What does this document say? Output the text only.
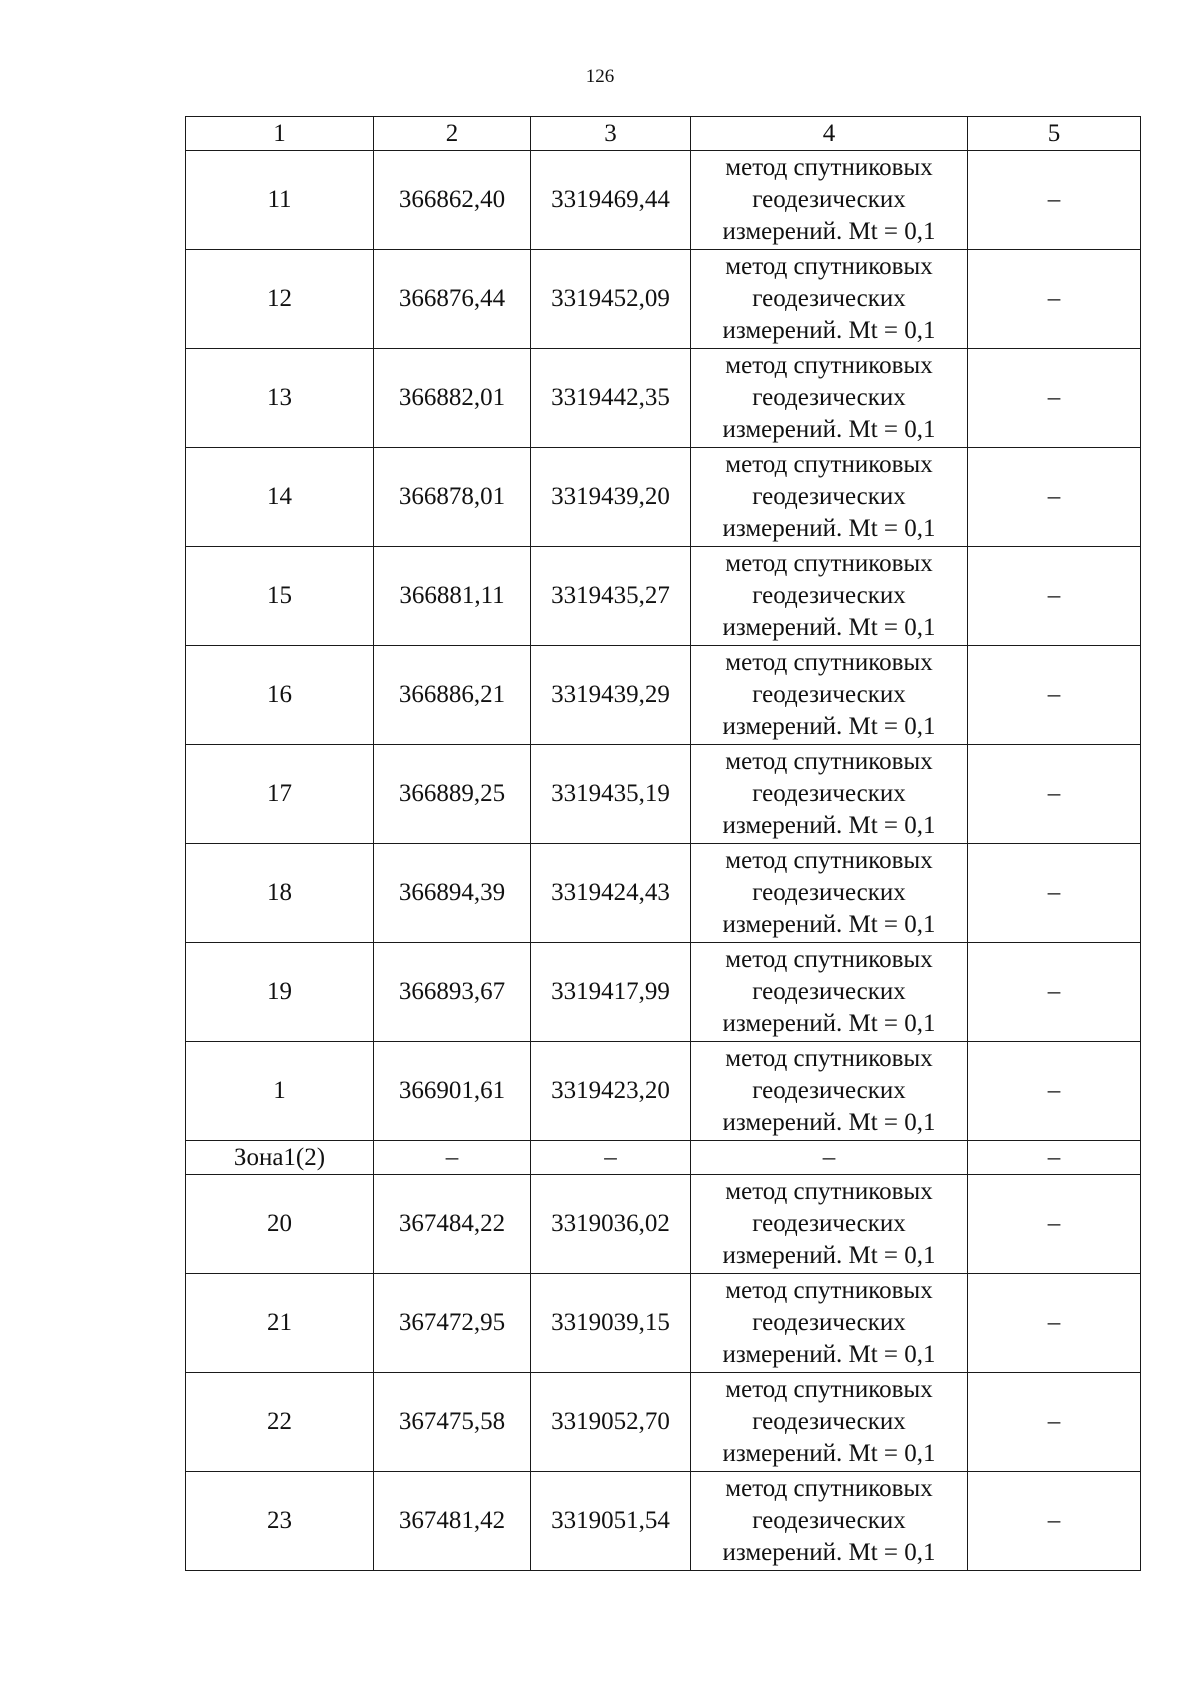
126
1	2	3	4	5
11	366862,40	3319469,44	метод спутниковых
геодезических
измерений. Mt = 0,1	–
12	366876,44	3319452,09	метод спутниковых
геодезических
измерений. Mt = 0,1	–
13	366882,01	3319442,35	метод спутниковых
геодезических
измерений. Mt = 0,1	–
14	366878,01	3319439,20	метод спутниковых
геодезических
измерений. Mt = 0,1	–
15	366881,11	3319435,27	метод спутниковых
геодезических
измерений. Mt = 0,1	–
16	366886,21	3319439,29	метод спутниковых
геодезических
измерений. Mt = 0,1	–
17	366889,25	3319435,19	метод спутниковых
геодезических
измерений. Mt = 0,1	–
18	366894,39	3319424,43	метод спутниковых
геодезических
измерений. Mt = 0,1	–
19	366893,67	3319417,99	метод спутниковых
геодезических
измерений. Mt = 0,1	–
1	366901,61	3319423,20	метод спутниковых
геодезических
измерений. Mt = 0,1	–
Зона1(2)	–	–	–	–
20	367484,22	3319036,02	метод спутниковых
геодезических
измерений. Mt = 0,1	–
21	367472,95	3319039,15	метод спутниковых
геодезических
измерений. Mt = 0,1	–
22	367475,58	3319052,70	метод спутниковых
геодезических
измерений. Mt = 0,1	–
23	367481,42	3319051,54	метод спутниковых
геодезических
измерений. Mt = 0,1	–
